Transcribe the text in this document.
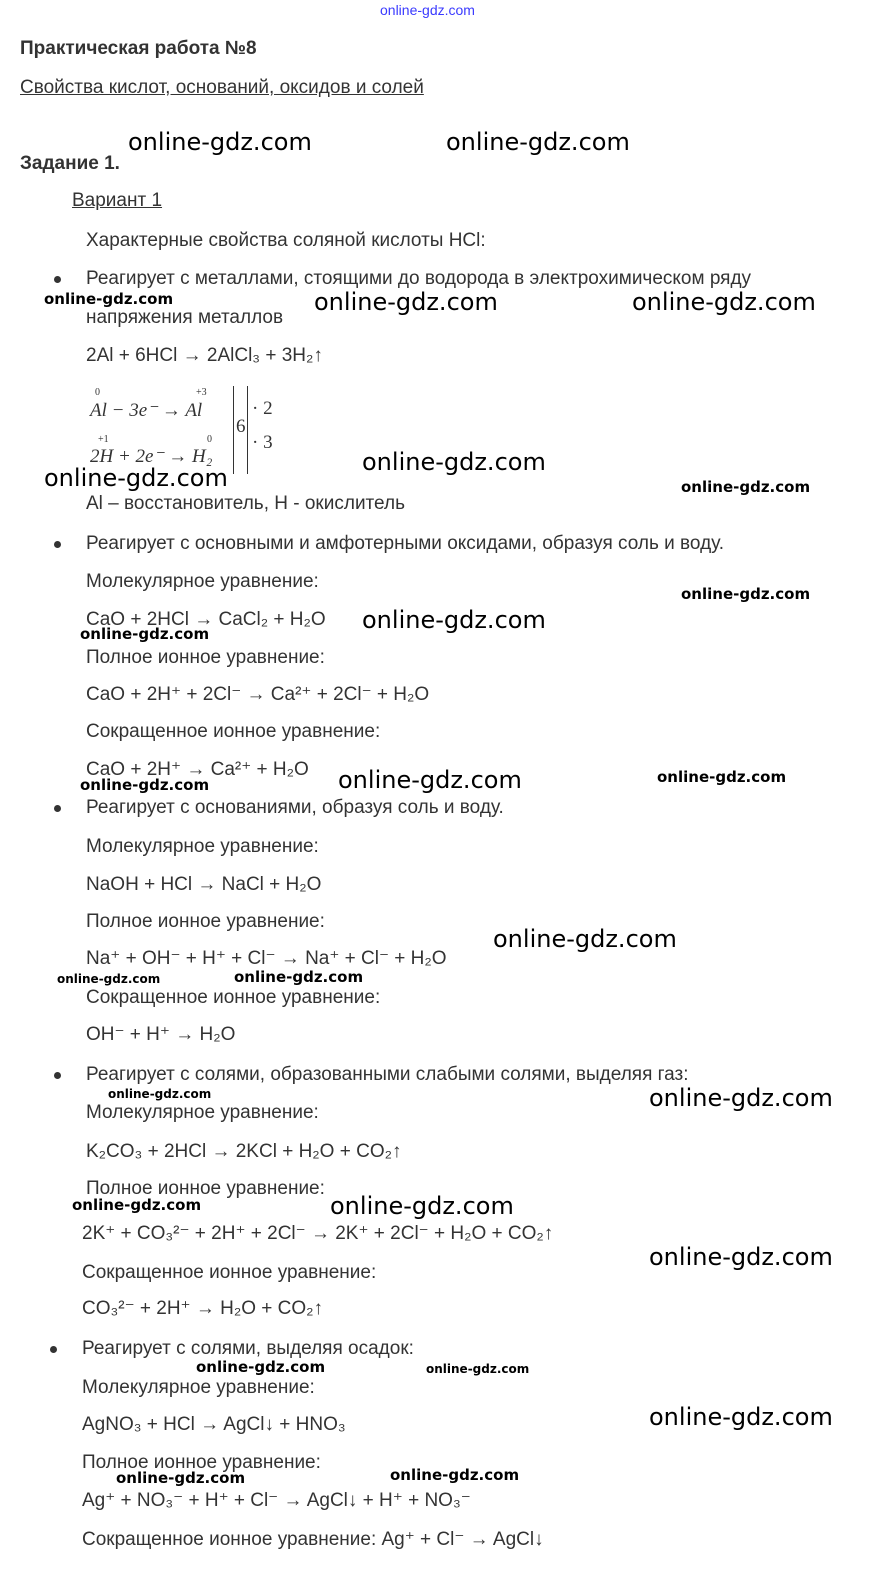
online-gdz.com
Практическая работа №8
Свойства кислот, оснований, оксидов и солей
Задание 1.
Вариант 1
Характерные свойства соляной кислоты HCl:
Реагирует с металлами, стоящими до водорода в электрохимическом ряду
напряжения металлов
2Al + 6HCl → 2AlCl₃ + 3H₂↑
0	+3
Al − 3e⁻ → Al
+1	0
2H + 2e⁻ → H₂
6
· 2
· 3
Al – восстановитель, H - окислитель
Реагирует с основными и амфотерными оксидами, образуя соль и воду.
Молекулярное уравнение:
CaO + 2HCl → CaCl₂ + H₂O
Полное ионное уравнение:
CaO + 2H⁺ + 2Cl⁻ → Ca²⁺ + 2Cl⁻ + H₂O
Сокращенное ионное уравнение:
CaO + 2H⁺ → Ca²⁺ + H₂O
Реагирует с основаниями, образуя соль и воду.
Молекулярное уравнение:
NaOH + HCl → NaCl + H₂O
Полное ионное уравнение:
Na⁺ + OH⁻ + H⁺ + Cl⁻ → Na⁺ + Cl⁻ + H₂O
Сокращенное ионное уравнение:
OH⁻ + H⁺ → H₂O
Реагирует с солями, образованными слабыми солями, выделяя газ:
Молекулярное уравнение:
K₂CO₃ + 2HCl → 2KCl + H₂O + CO₂↑
Полное ионное уравнение:
2K⁺ + CO₃²⁻ + 2H⁺ + 2Cl⁻ → 2K⁺ + 2Cl⁻ + H₂O + CO₂↑
Сокращенное ионное уравнение:
CO₃²⁻ + 2H⁺ → H₂O + CO₂↑
Реагирует с солями, выделяя осадок:
Молекулярное уравнение:
AgNO₃ + HCl → AgCl↓ + HNO₃
Полное ионное уравнение:
Ag⁺ + NO₃⁻ + H⁺ + Cl⁻ → AgCl↓ + H⁺ + NO₃⁻
Сокращенное ионное уравнение: Ag⁺ + Cl⁻ → AgCl↓
online-gdz.com	online-gdz.com
online-gdz.com	online-gdz.com	online-gdz.com
online-gdz.com
online-gdz.com	online-gdz.com
online-gdz.com
online-gdz.com
online-gdz.com
online-gdz.com
online-gdz.com	online-gdz.com
online-gdz.com
online-gdz.com
online-gdz.com
online-gdz.com	online-gdz.com
online-gdz.com	online-gdz.com
online-gdz.com
online-gdz.com	online-gdz.com
online-gdz.com
online-gdz.com	online-gdz.com
